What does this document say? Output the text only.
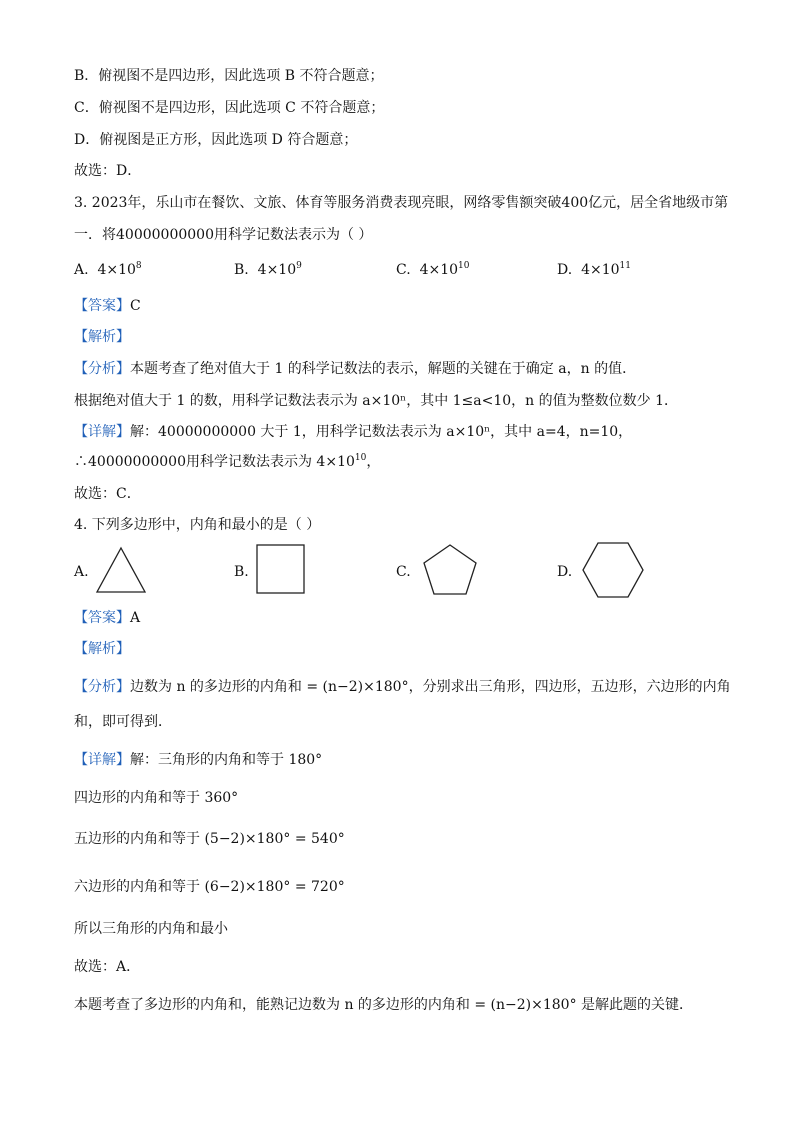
B．俯视图不是四边形，因此选项 B 不符合题意；
C．俯视图不是四边形，因此选项 C 不符合题意；
D．俯视图是正方形，因此选项 D 符合题意；
故选：D．
3. 2023年，乐山市在餐饮、文旅、体育等服务消费表现亮眼，网络零售额突破400亿元，居全省地级市第
一．将40000000000用科学记数法表示为（ ）
A. $4\times 10^8$	B. $4\times 10^9$	C. $4\times 10^{10}$	D. $4\times 10^{11}$
【答案】C
【解析】
【分析】本题考查了绝对值大于 1 的科学记数法的表示，解题的关键在于确定 a，n 的值．
根据绝对值大于 1 的数，用科学记数法表示为 a×10ⁿ，其中 1≤a<10，n 的值为整数位数少 1．
【详解】解：40000000000 大于 1，用科学记数法表示为 a×10ⁿ，其中 a=4，n=10，
∴40000000000用科学记数法表示为 $4\times 10^{10}$，
故选：C．
4. 下列多边形中，内角和最小的是（ ）
A.	B.	C.	D.
【答案】A
【解析】
【分析】边数为 n 的多边形的内角和 = (n−2)×180°，分别求出三角形，四边形，五边形，六边形的内角
和，即可得到．
【详解】解：三角形的内角和等于 180°
四边形的内角和等于 360°
五边形的内角和等于 (5−2)×180° = 540°
六边形的内角和等于 (6−2)×180° = 720°
所以三角形的内角和最小
故选：A．
本题考查了多边形的内角和，能熟记边数为 n 的多边形的内角和 = (n−2)×180° 是解此题的关键．
